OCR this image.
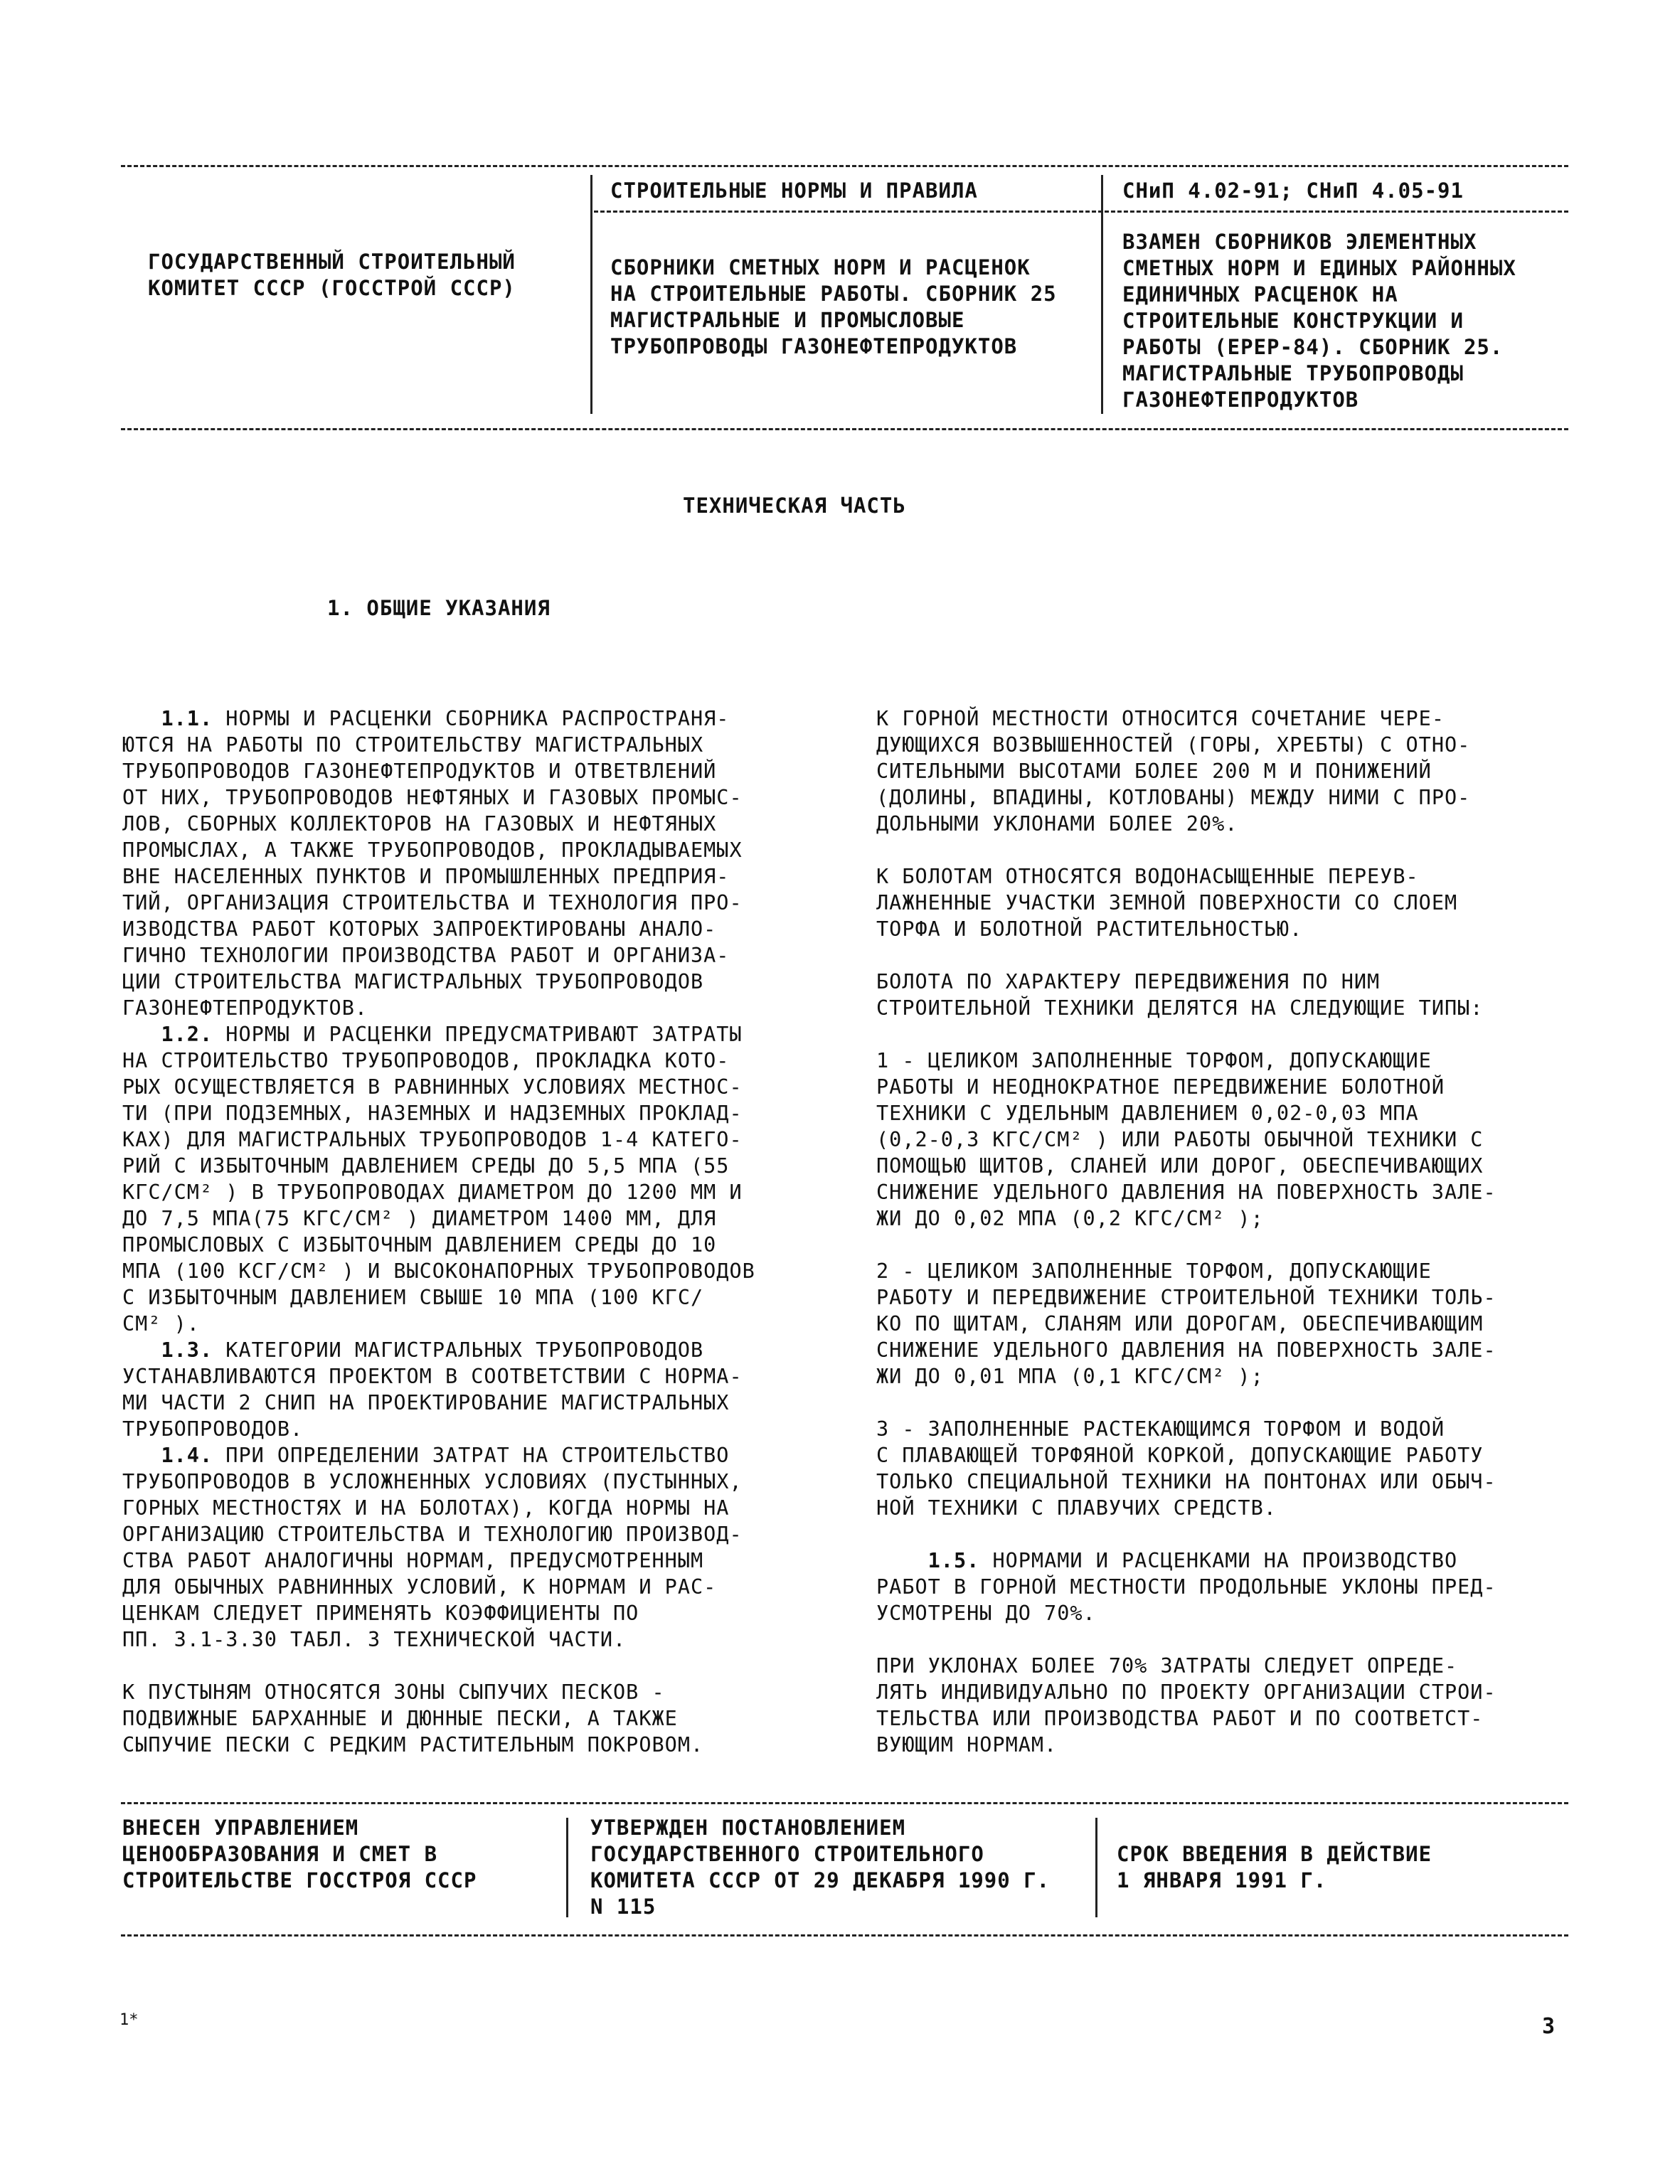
ГОСУДАРСТВЕННЫЙ СТРОИТЕЛЬНЫЙ
КОМИТЕТ СССР (ГОССТРОЙ СССР)
СТРОИТЕЛЬНЫЕ НОРМЫ И ПРАВИЛА	СНиП 4.02-91; СНиП 4.05-91
СБОРНИКИ СМЕТНЫХ НОРМ И РАСЦЕНОК
НА СТРОИТЕЛЬНЫЕ РАБОТЫ. СБОРНИК 25
МАГИСТРАЛЬНЫЕ И ПРОМЫСЛОВЫЕ
ТРУБОПРОВОДЫ ГАЗОНЕФТЕПРОДУКТОВ
ВЗАМЕН СБОРНИКОВ ЭЛЕМЕНТНЫХ
СМЕТНЫХ НОРМ И ЕДИНЫХ РАЙОННЫХ
ЕДИНИЧНЫХ РАСЦЕНОК НА
СТРОИТЕЛЬНЫЕ КОНСТРУКЦИИ И
РАБОТЫ (ЕРЕР-84). СБОРНИК 25.
МАГИСТРАЛЬНЫЕ ТРУБОПРОВОДЫ
ГАЗОНЕФТЕПРОДУКТОВ
ТЕХНИЧЕСКАЯ ЧАСТЬ
1. ОБЩИЕ УКАЗАНИЯ

1.1. НОРМЫ И РАСЦЕНКИ СБОРНИКА РАСПРОСТРАНЯ-
ЮТСЯ НА РАБОТЫ ПО СТРОИТЕЛЬСТВУ МАГИСТРАЛЬНЫХ
ТРУБОПРОВОДОВ ГАЗОНЕФТЕПРОДУКТОВ И ОТВЕТВЛЕНИЙ
ОТ НИХ, ТРУБОПРОВОДОВ НЕФТЯНЫХ И ГАЗОВЫХ ПРОМЫС-
ЛОВ, СБОРНЫХ КОЛЛЕКТОРОВ НА ГАЗОВЫХ И НЕФТЯНЫХ
ПРОМЫСЛАХ, А ТАКЖЕ ТРУБОПРОВОДОВ, ПРОКЛАДЫВАЕМЫХ
ВНЕ НАСЕЛЕННЫХ ПУНКТОВ И ПРОМЫШЛЕННЫХ ПРЕДПРИЯ-
ТИЙ, ОРГАНИЗАЦИЯ СТРОИТЕЛЬСТВА И ТЕХНОЛОГИЯ ПРО-
ИЗВОДСТВА РАБОТ КОТОРЫХ ЗАПРОЕКТИРОВАНЫ АНАЛО-
ГИЧНО ТЕХНОЛОГИИ ПРОИЗВОДСТВА РАБОТ И ОРГАНИЗА-
ЦИИ СТРОИТЕЛЬСТВА МАГИСТРАЛЬНЫХ ТРУБОПРОВОДОВ
ГАЗОНЕФТЕПРОДУКТОВ.

1.2. НОРМЫ И РАСЦЕНКИ ПРЕДУСМАТРИВАЮТ ЗАТРАТЫ
НА СТРОИТЕЛЬСТВО ТРУБОПРОВОДОВ, ПРОКЛАДКА КОТО-
РЫХ ОСУЩЕСТВЛЯЕТСЯ В РАВНИННЫХ УСЛОВИЯХ МЕСТНОС-
ТИ (ПРИ ПОДЗЕМНЫХ, НАЗЕМНЫХ И НАДЗЕМНЫХ ПРОКЛАД-
КАХ) ДЛЯ МАГИСТРАЛЬНЫХ ТРУБОПРОВОДОВ 1-4 КАТЕГО-
РИЙ С ИЗБЫТОЧНЫМ ДАВЛЕНИЕМ СРЕДЫ ДО 5,5 МПА (55
КГС/СМ² ) В ТРУБОПРОВОДАХ ДИАМЕТРОМ ДО 1200 ММ И
ДО 7,5 МПА(75 КГС/СМ² ) ДИАМЕТРОМ 1400 ММ, ДЛЯ
ПРОМЫСЛОВЫХ С ИЗБЫТОЧНЫМ ДАВЛЕНИЕМ СРЕДЫ ДО 10
МПА (100 КСГ/СМ² ) И ВЫСОКОНАПОРНЫХ ТРУБОПРОВОДОВ
С ИЗБЫТОЧНЫМ ДАВЛЕНИЕМ СВЫШЕ 10 МПА (100 КГС/
СМ² ).

1.3. КАТЕГОРИИ МАГИСТРАЛЬНЫХ ТРУБОПРОВОДОВ
УСТАНАВЛИВАЮТСЯ ПРОЕКТОМ В СООТВЕТСТВИИ С НОРМА-
МИ ЧАСТИ 2 СНИП НА ПРОЕКТИРОВАНИЕ МАГИСТРАЛЬНЫХ
ТРУБОПРОВОДОВ.

1.4. ПРИ ОПРЕДЕЛЕНИИ ЗАТРАТ НА СТРОИТЕЛЬСТВО
ТРУБОПРОВОДОВ В УСЛОЖНЕННЫХ УСЛОВИЯХ (ПУСТЫННЫХ,
ГОРНЫХ МЕСТНОСТЯХ И НА БОЛОТАХ), КОГДА НОРМЫ НА
ОРГАНИЗАЦИЮ СТРОИТЕЛЬСТВА И ТЕХНОЛОГИЮ ПРОИЗВОД-
СТВА РАБОТ АНАЛОГИЧНЫ НОРМАМ, ПРЕДУСМОТРЕННЫМ
ДЛЯ ОБЫЧНЫХ РАВНИННЫХ УСЛОВИЙ, К НОРМАМ И РАС-
ЦЕНКАМ СЛЕДУЕТ ПРИМЕНЯТЬ КОЭФФИЦИЕНТЫ ПО
ПП. 3.1-3.30 ТАБЛ. 3 ТЕХНИЧЕСКОЙ ЧАСТИ.

К ПУСТЫНЯМ ОТНОСЯТСЯ ЗОНЫ СЫПУЧИХ ПЕСКОВ -
ПОДВИЖНЫЕ БАРХАННЫЕ И ДЮННЫЕ ПЕСКИ, А ТАКЖЕ
СЫПУЧИЕ ПЕСКИ С РЕДКИМ РАСТИТЕЛЬНЫМ ПОКРОВОМ.

К ГОРНОЙ МЕСТНОСТИ ОТНОСИТСЯ СОЧЕТАНИЕ ЧЕРЕ-
ДУЮЩИХСЯ ВОЗВЫШЕННОСТЕЙ (ГОРЫ, ХРЕБТЫ) С ОТНО-
СИТЕЛЬНЫМИ ВЫСОТАМИ БОЛЕЕ 200 М И ПОНИЖЕНИЙ
(ДОЛИНЫ, ВПАДИНЫ, КОТЛОВАНЫ) МЕЖДУ НИМИ С ПРО-
ДОЛЬНЫМИ УКЛОНАМИ БОЛЕЕ 20%.

К БОЛОТАМ ОТНОСЯТСЯ ВОДОНАСЫЩЕННЫЕ ПЕРЕУВ-
ЛАЖНЕННЫЕ УЧАСТКИ ЗЕМНОЙ ПОВЕРХНОСТИ СО СЛОЕМ
ТОРФА И БОЛОТНОЙ РАСТИТЕЛЬНОСТЬЮ.

БОЛОТА ПО ХАРАКТЕРУ ПЕРЕДВИЖЕНИЯ ПО НИМ
СТРОИТЕЛЬНОЙ ТЕХНИКИ ДЕЛЯТСЯ НА СЛЕДУЮЩИЕ ТИПЫ:

1 - ЦЕЛИКОМ ЗАПОЛНЕННЫЕ ТОРФОМ, ДОПУСКАЮЩИЕ
РАБОТЫ И НЕОДНОКРАТНОЕ ПЕРЕДВИЖЕНИЕ БОЛОТНОЙ
ТЕХНИКИ С УДЕЛЬНЫМ ДАВЛЕНИЕМ 0,02-0,03 МПА
(0,2-0,3 КГС/СМ² ) ИЛИ РАБОТЫ ОБЫЧНОЙ ТЕХНИКИ С
ПОМОЩЬЮ ЩИТОВ, СЛАНЕЙ ИЛИ ДОРОГ, ОБЕСПЕЧИВАЮЩИХ
СНИЖЕНИЕ УДЕЛЬНОГО ДАВЛЕНИЯ НА ПОВЕРХНОСТЬ ЗАЛЕ-
ЖИ ДО 0,02 МПА (0,2 КГС/СМ² );

2 - ЦЕЛИКОМ ЗАПОЛНЕННЫЕ ТОРФОМ, ДОПУСКАЮЩИЕ
РАБОТУ И ПЕРЕДВИЖЕНИЕ СТРОИТЕЛЬНОЙ ТЕХНИКИ ТОЛЬ-
КО ПО ЩИТАМ, СЛАНЯМ ИЛИ ДОРОГАМ, ОБЕСПЕЧИВАЮЩИМ
СНИЖЕНИЕ УДЕЛЬНОГО ДАВЛЕНИЯ НА ПОВЕРХНОСТЬ ЗАЛЕ-
ЖИ ДО 0,01 МПА (0,1 КГС/СМ² );

3 - ЗАПОЛНЕННЫЕ РАСТЕКАЮЩИМСЯ ТОРФОМ И ВОДОЙ
С ПЛАВАЮЩЕЙ ТОРФЯНОЙ КОРКОЙ, ДОПУСКАЮЩИЕ РАБОТУ
ТОЛЬКО СПЕЦИАЛЬНОЙ ТЕХНИКИ НА ПОНТОНАХ ИЛИ ОБЫЧ-
НОЙ ТЕХНИКИ С ПЛАВУЧИХ СРЕДСТВ.

1.5. НОРМАМИ И РАСЦЕНКАМИ НА ПРОИЗВОДСТВО
РАБОТ В ГОРНОЙ МЕСТНОСТИ ПРОДОЛЬНЫЕ УКЛОНЫ ПРЕД-
УСМОТРЕНЫ ДО 70%.

ПРИ УКЛОНАХ БОЛЕЕ 70% ЗАТРАТЫ СЛЕДУЕТ ОПРЕДЕ-
ЛЯТЬ ИНДИВИДУАЛЬНО ПО ПРОЕКТУ ОРГАНИЗАЦИИ СТРОИ-
ТЕЛЬСТВА ИЛИ ПРОИЗВОДСТВА РАБОТ И ПО СООТВЕТСТ-
ВУЮЩИМ НОРМАМ.

ВНЕСЕН УПРАВЛЕНИЕМ
ЦЕНООБРАЗОВАНИЯ И СМЕТ В
СТРОИТЕЛЬСТВЕ ГОССТРОЯ СССР
УТВЕРЖДЕН ПОСТАНОВЛЕНИЕМ
ГОСУДАРСТВЕННОГО СТРОИТЕЛЬНОГО
КОМИТЕТА СССР ОТ 29 ДЕКАБРЯ 1990 Г.
N 115
СРОК ВВЕДЕНИЯ В ДЕЙСТВИЕ
1 ЯНВАРЯ 1991 Г.
1*	3
